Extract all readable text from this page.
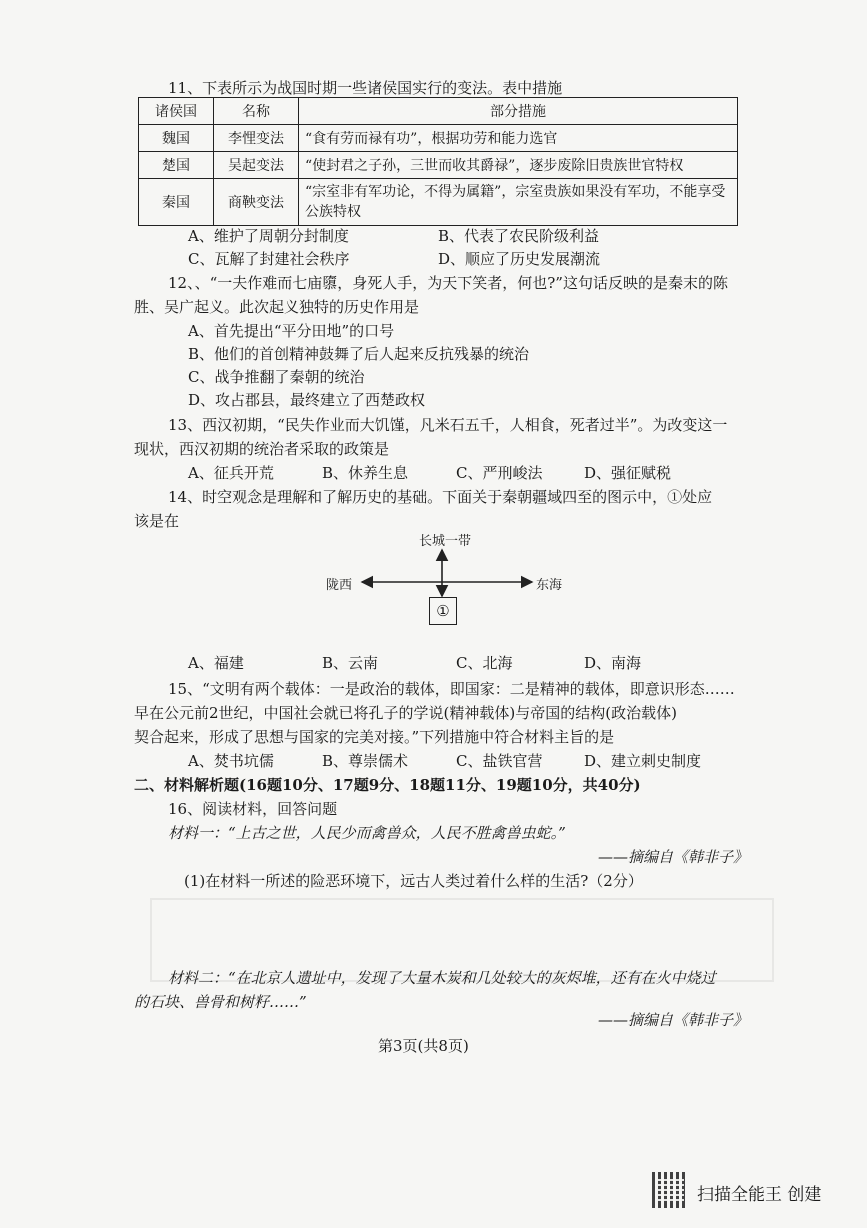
11、下表所示为战国时期一些诸侯国实行的变法。表中措施
诸侯国	名称	部分措施
魏国	李悝变法	“食有劳而禄有功”，根据功劳和能力选官
楚国	吴起变法	“使封君之子孙，三世而收其爵禄”，逐步废除旧贵族世官特权
秦国	商鞅变法	“宗室非有军功论，不得为属籍”，宗室贵族如果没有军功，不能享受公族特权
A、维护了周朝分封制度	B、代表了农民阶级利益
C、瓦解了封建社会秩序	D、顺应了历史发展潮流
12、、“一夫作难而七庙隳，身死人手，为天下笑者，何也?”这句话反映的是秦末的陈
胜、吴广起义。此次起义独特的历史作用是
A、首先提出“平分田地”的口号
B、他们的首创精神鼓舞了后人起来反抗残暴的统治
C、战争推翻了秦朝的统治
D、攻占郡县，最终建立了西楚政权
13、西汉初期，“民失作业而大饥馑，凡米石五千，人相食，死者过半”。为改变这一
现状，西汉初期的统治者采取的政策是
A、征兵开荒	B、休养生息	C、严刑峻法	D、强征赋税
14、时空观念是理解和了解历史的基础。下面关于秦朝疆域四至的图示中，①处应
该是在
长城一带
陇西	东海
①
A、福建	B、云南	C、北海	D、南海
15、“文明有两个载体：一是政治的载体，即国家：二是精神的载体，即意识形态……
早在公元前2世纪，中国社会就已将孔子的学说(精神载体)与帝国的结构(政治载体)
契合起来，形成了思想与国家的完美对接。”下列措施中符合材料主旨的是
A、焚书坑儒	B、尊崇儒术	C、盐铁官营	D、建立刺史制度
二、材料解析题(16题10分、17题9分、18题11分、19题10分，共40分)
16、阅读材料，回答问题
材料一：“上古之世，人民少而禽兽众，人民不胜禽兽虫蛇。”
——摘编自《韩非子》
(1)在材料一所述的险恶环境下，远古人类过着什么样的生活?（2分）
材料二：“在北京人遗址中，发现了大量木炭和几处较大的灰烬堆，还有在火中烧过
的石块、兽骨和树籽……”
——摘编自《韩非子》
第3页(共8页)
扫描全能王 创建
